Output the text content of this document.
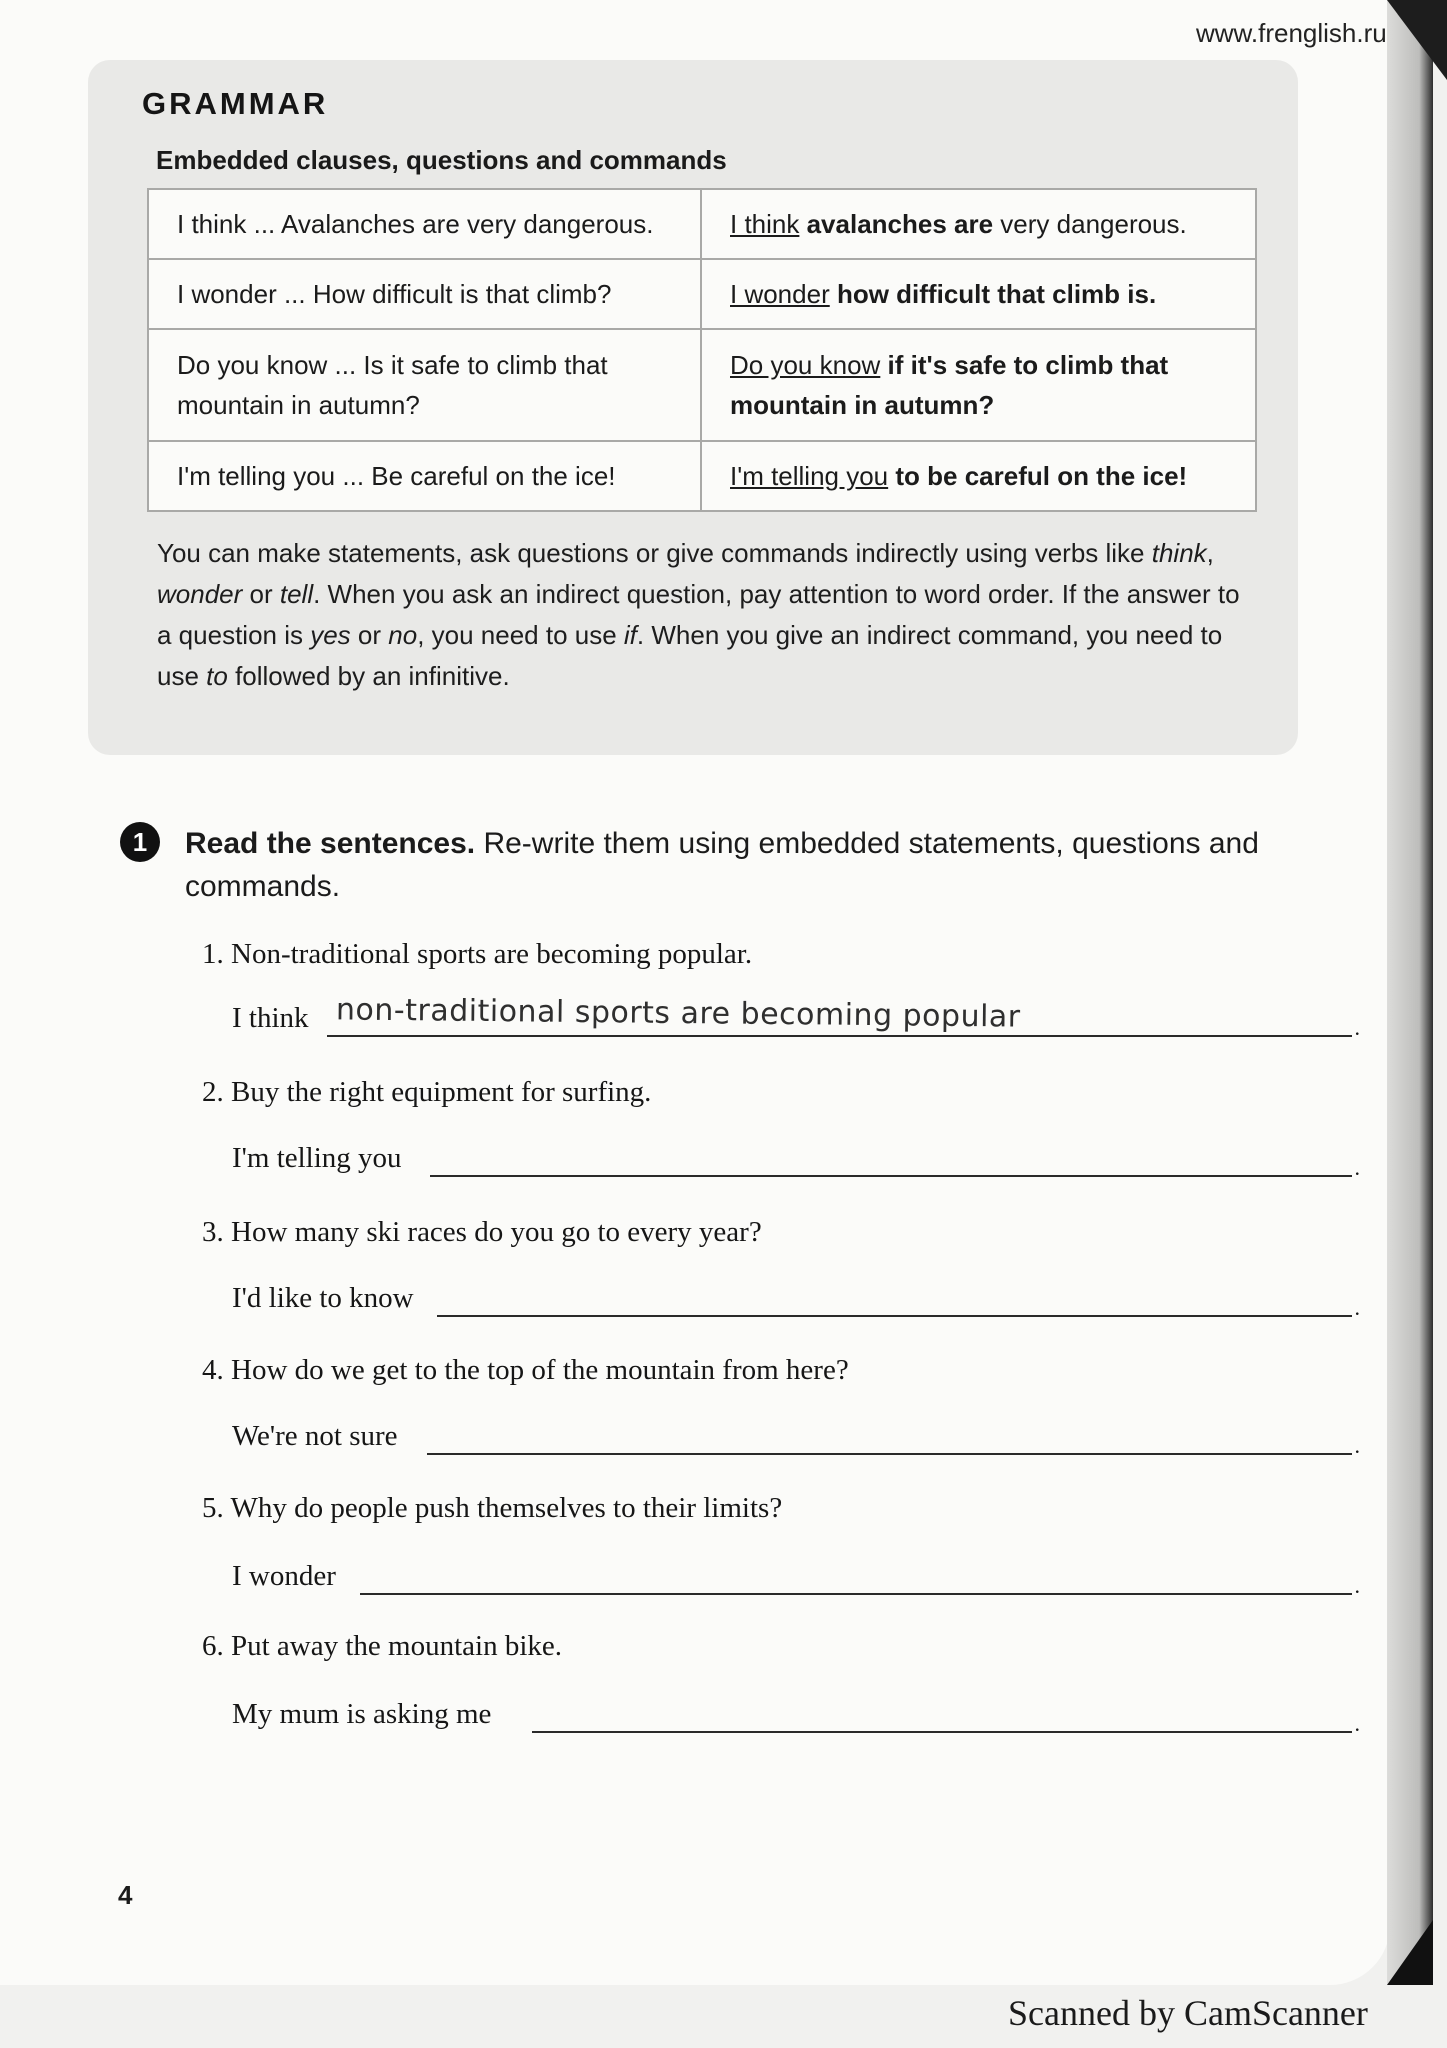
www.frenglish.ru
GRAMMAR
Embedded clauses, questions and commands
I think ... Avalanches are very dangerous.	I think avalanches are very dangerous.
I wonder ... How difficult is that climb?	I wonder how difficult that climb is.
Do you know ... Is it safe to climb that mountain in autumn?	Do you know if it's safe to climb that mountain in autumn?
I'm telling you ... Be careful on the ice!	I'm telling you to be careful on the ice!
You can make statements, ask questions or give commands indirectly using verbs like think, wonder or tell. When you ask an indirect question, pay attention to word order. If the answer to a question is yes or no, you need to use if. When you give an indirect command, you need to use to followed by an infinitive.
1	Read the sentences. Re-write them using embedded statements, questions and commands.
1. Non-traditional sports are becoming popular.
I think non-traditional sports are becoming popular	.
2. Buy the right equipment for surfing.
I'm telling you	.
3. How many ski races do you go to every year?
I'd like to know	.
4. How do we get to the top of the mountain from here?
We're not sure	.
5. Why do people push themselves to their limits?
I wonder	.
6. Put away the mountain bike.
My mum is asking me	.
4
Scanned by CamScanner
